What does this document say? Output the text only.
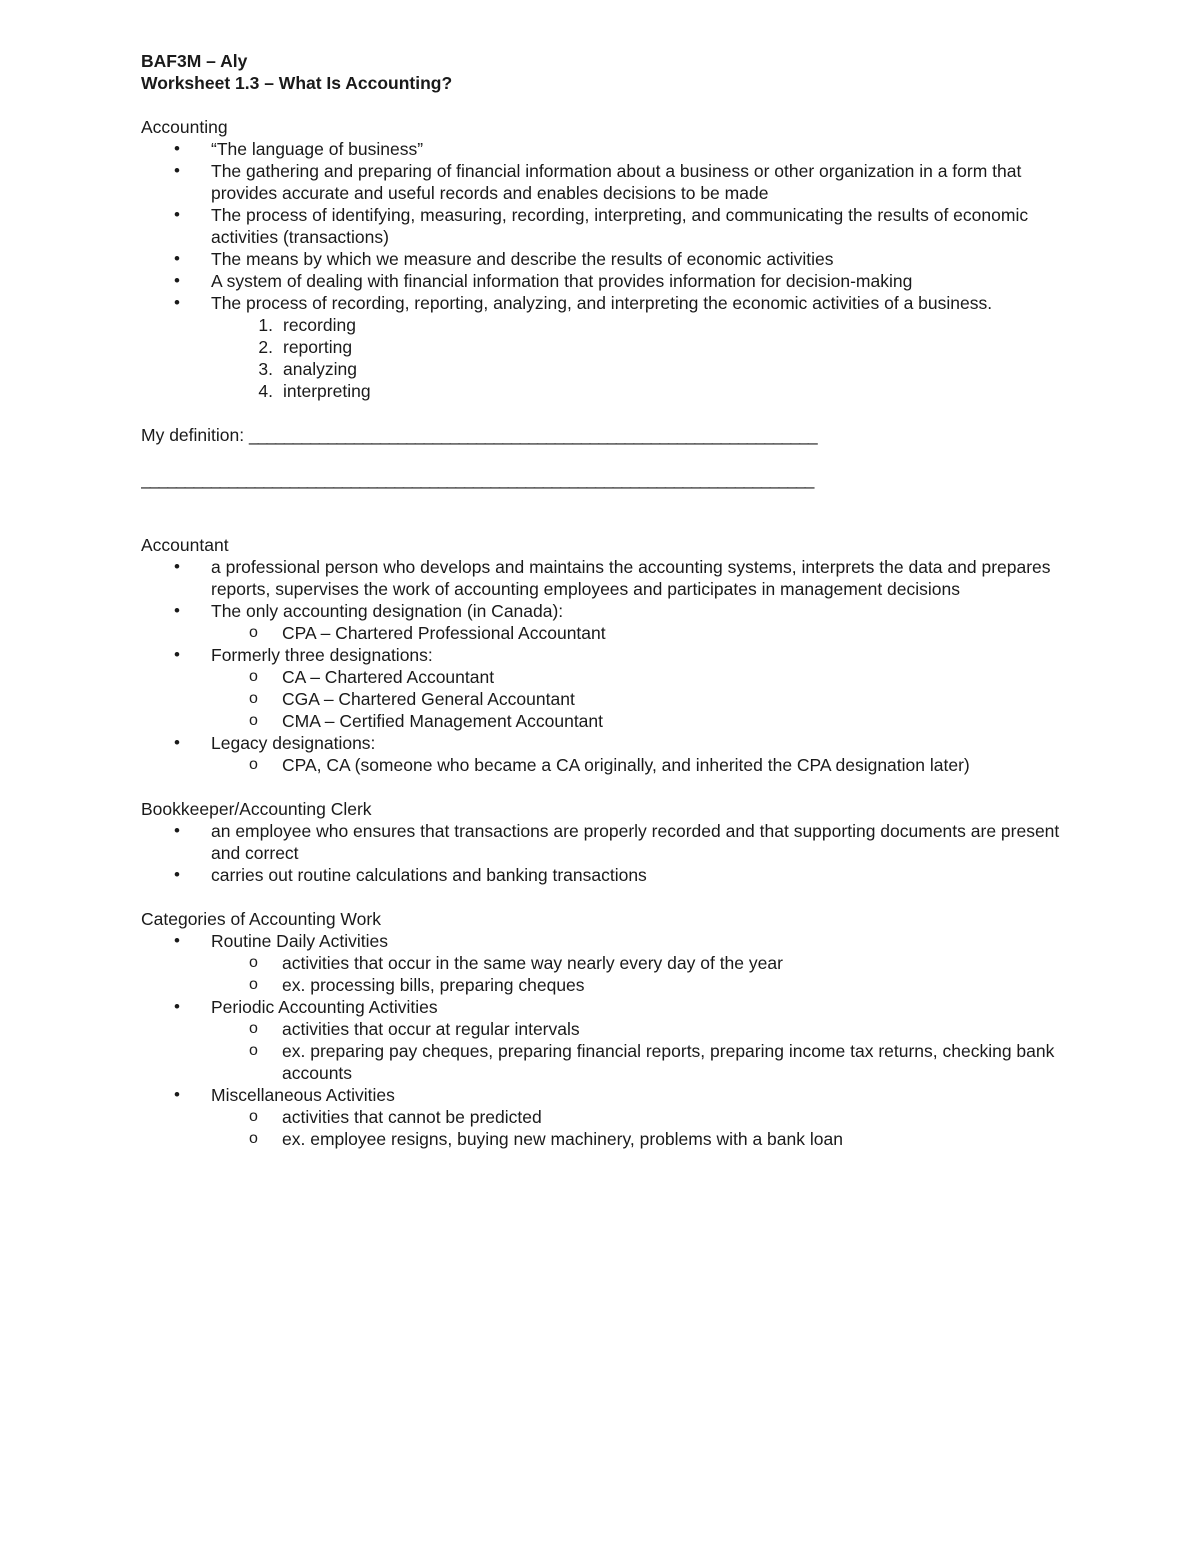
BAF3M – Aly

Worksheet 1.3 – What Is Accounting?

Accounting

• “The language of business”
• The gathering and preparing of financial information about a business or other organization in a form that provides accurate and useful records and enables decisions to be made
• The process of identifying, measuring, recording, interpreting, and communicating the results of economic activities (transactions)
• The means by which we measure and describe the results of economic activities
• A system of dealing with financial information that provides information for decision-making
• The process of recording, reporting, analyzing, and interpreting the economic activities of a business.
1. recording
2. reporting
3. analyzing
4. interpreting

My definition: _________________________________________________________________

_____________________________________________________________________________

Accountant

• a professional person who develops and maintains the accounting systems, interprets the data and prepares reports, supervises the work of accounting employees and participates in management decisions
• The only accounting designation (in Canada):
o CPA – Chartered Professional Accountant
• Formerly three designations:
o CA – Chartered Accountant
o CGA – Chartered General Accountant
o CMA – Certified Management Accountant
• Legacy designations:
o CPA, CA (someone who became a CA originally, and inherited the CPA designation later)

Bookkeeper/Accounting Clerk

• an employee who ensures that transactions are properly recorded and that supporting documents are present and correct
• carries out routine calculations and banking transactions

Categories of Accounting Work

• Routine Daily Activities
o activities that occur in the same way nearly every day of the year
o ex. processing bills, preparing cheques
• Periodic Accounting Activities
o activities that occur at regular intervals
o ex. preparing pay cheques, preparing financial reports, preparing income tax returns, checking bank accounts
• Miscellaneous Activities
o activities that cannot be predicted
o ex. employee resigns, buying new machinery, problems with a bank loan
